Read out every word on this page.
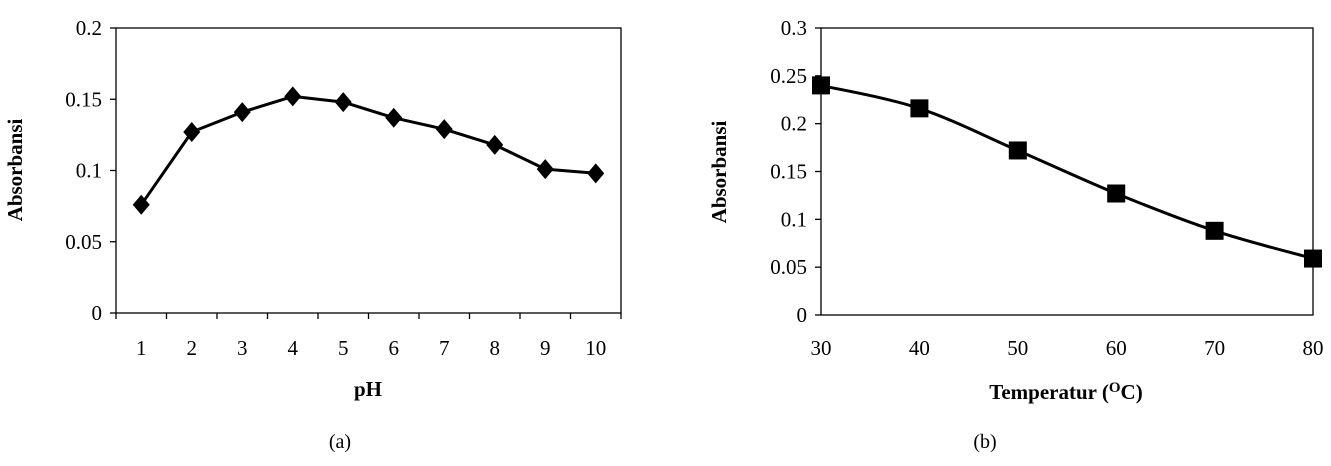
0
0.05
0.1
0.15
0.2
1 2 3 4 5 6 7 8 9 10
pH
Absorbansi
(a)
0
0.05
0.1
0.15
0.2
0.25
0.3
30	40	50	60	70	80
Temperatur ($^O$C)
Absorbansi
(b)
